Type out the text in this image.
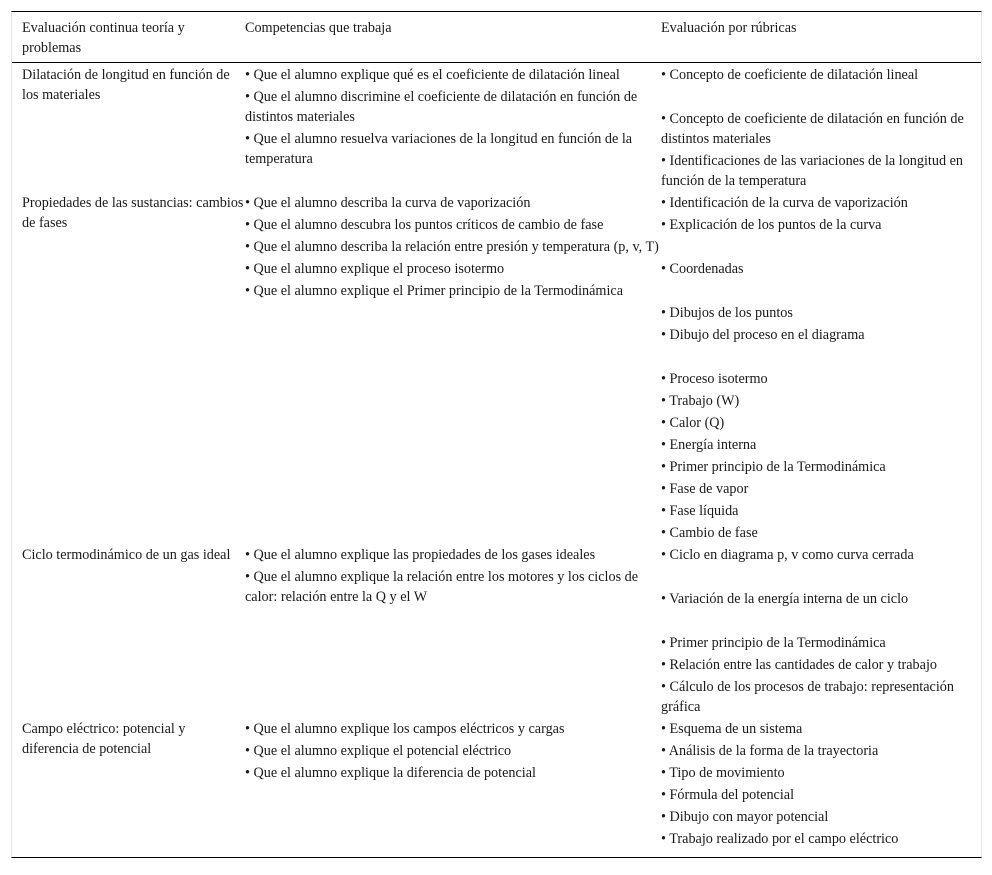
Evaluación continua teoría y problemas
Competencias que trabaja	Evaluación por rúbricas
Dilatación de longitud en función de los materiales
• Que el alumno explique qué es el coeficiente de dilatación lineal
• Que el alumno discrimine el coeficiente de dilatación en función de distintos materiales
• Que el alumno resuelva variaciones de la longitud en función de la temperatura
• Concepto de coeficiente de dilatación lineal
• Concepto de coeficiente de dilatación en función de distintos materiales
• Identificaciones de las variaciones de la longitud en función de la temperatura
Propiedades de las sustancias: cambios de fases
• Que el alumno describa la curva de vaporización
• Que el alumno descubra los puntos críticos de cambio de fase
• Que el alumno describa la relación entre presión y temperatura (p, v, T)
• Que el alumno explique el proceso isotermo
• Que el alumno explique el Primer principio de la Termodinámica
• Identificación de la curva de vaporización
• Explicación de los puntos de la curva
• Coordenadas
• Dibujos de los puntos
• Dibujo del proceso en el diagrama
• Proceso isotermo
• Trabajo (W)
• Calor (Q)
• Energía interna
• Primer principio de la Termodinámica
• Fase de vapor
• Fase líquida
• Cambio de fase
Ciclo termodinámico de un gas ideal	• Que el alumno explique las propiedades de los gases ideales
• Que el alumno explique la relación entre los motores y los ciclos de calor: relación entre la Q y el W
• Ciclo en diagrama p, v como curva cerrada
• Variación de la energía interna de un ciclo
• Primer principio de la Termodinámica
• Relación entre las cantidades de calor y trabajo
• Cálculo de los procesos de trabajo: representación gráfica
Campo eléctrico: potencial y diferencia de potencial
• Que el alumno explique los campos eléctricos y cargas
• Que el alumno explique el potencial eléctrico
• Que el alumno explique la diferencia de potencial
• Esquema de un sistema
• Análisis de la forma de la trayectoria
• Tipo de movimiento
• Fórmula del potencial
• Dibujo con mayor potencial
• Trabajo realizado por el campo eléctrico
